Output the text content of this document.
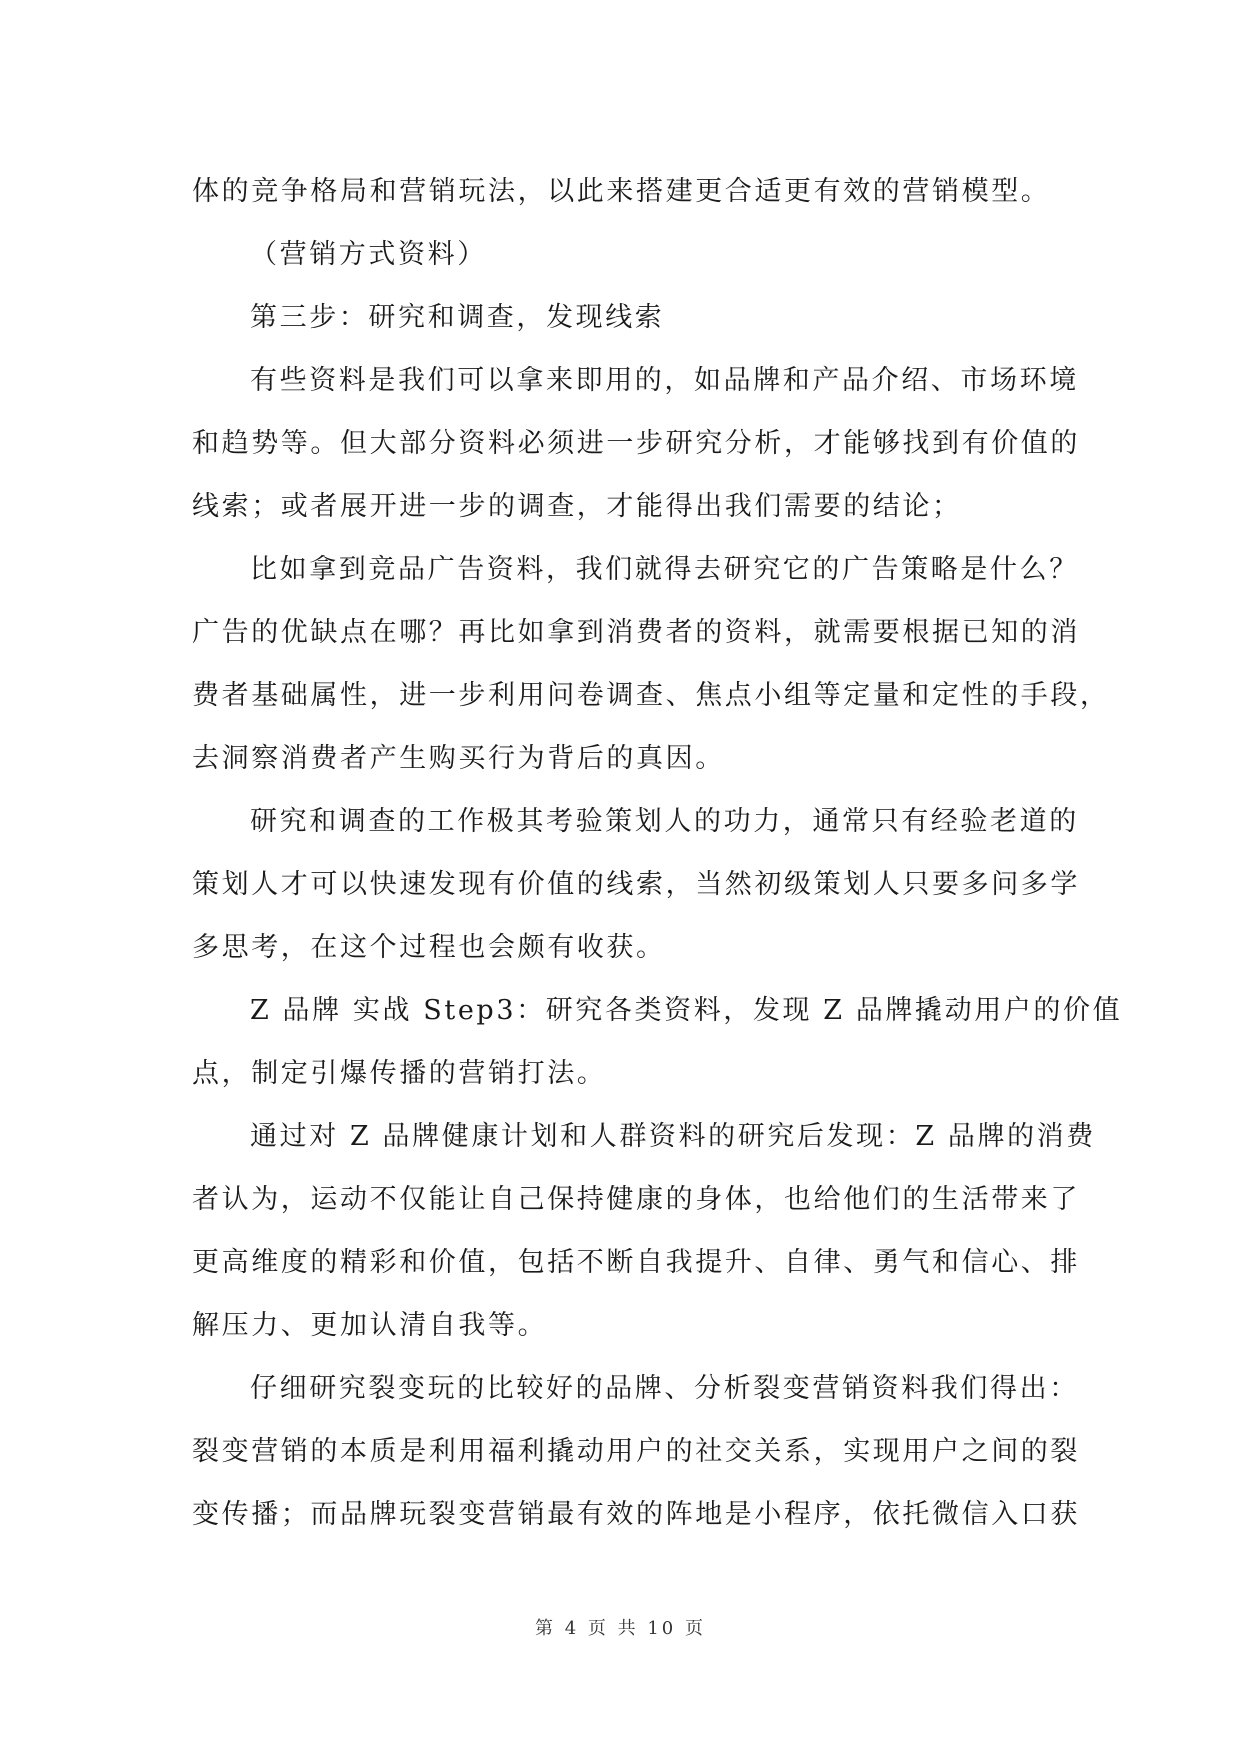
体的竞争格局和营销玩法，以此来搭建更合适更有效的营销模型。
（营销方式资料）
第三步：研究和调查，发现线索
有些资料是我们可以拿来即用的，如品牌和产品介绍、市场环境
和趋势等。但大部分资料必须进一步研究分析，才能够找到有价值的
线索；或者展开进一步的调查，才能得出我们需要的结论；
比如拿到竞品广告资料，我们就得去研究它的广告策略是什么？
广告的优缺点在哪？再比如拿到消费者的资料，就需要根据已知的消
费者基础属性，进一步利用问卷调查、焦点小组等定量和定性的手段，
去洞察消费者产生购买行为背后的真因。
研究和调查的工作极其考验策划人的功力，通常只有经验老道的
策划人才可以快速发现有价值的线索，当然初级策划人只要多问多学
多思考，在这个过程也会颇有收获。
Z 品牌 实战 Step3：研究各类资料，发现 Z 品牌撬动用户的价值
点，制定引爆传播的营销打法。
通过对 Z 品牌健康计划和人群资料的研究后发现：Z 品牌的消费
者认为，运动不仅能让自己保持健康的身体，也给他们的生活带来了
更高维度的精彩和价值，包括不断自我提升、自律、勇气和信心、排
解压力、更加认清自我等。
仔细研究裂变玩的比较好的品牌、分析裂变营销资料我们得出：
裂变营销的本质是利用福利撬动用户的社交关系，实现用户之间的裂
变传播；而品牌玩裂变营销最有效的阵地是小程序，依托微信入口获
第 4 页 共 10 页
